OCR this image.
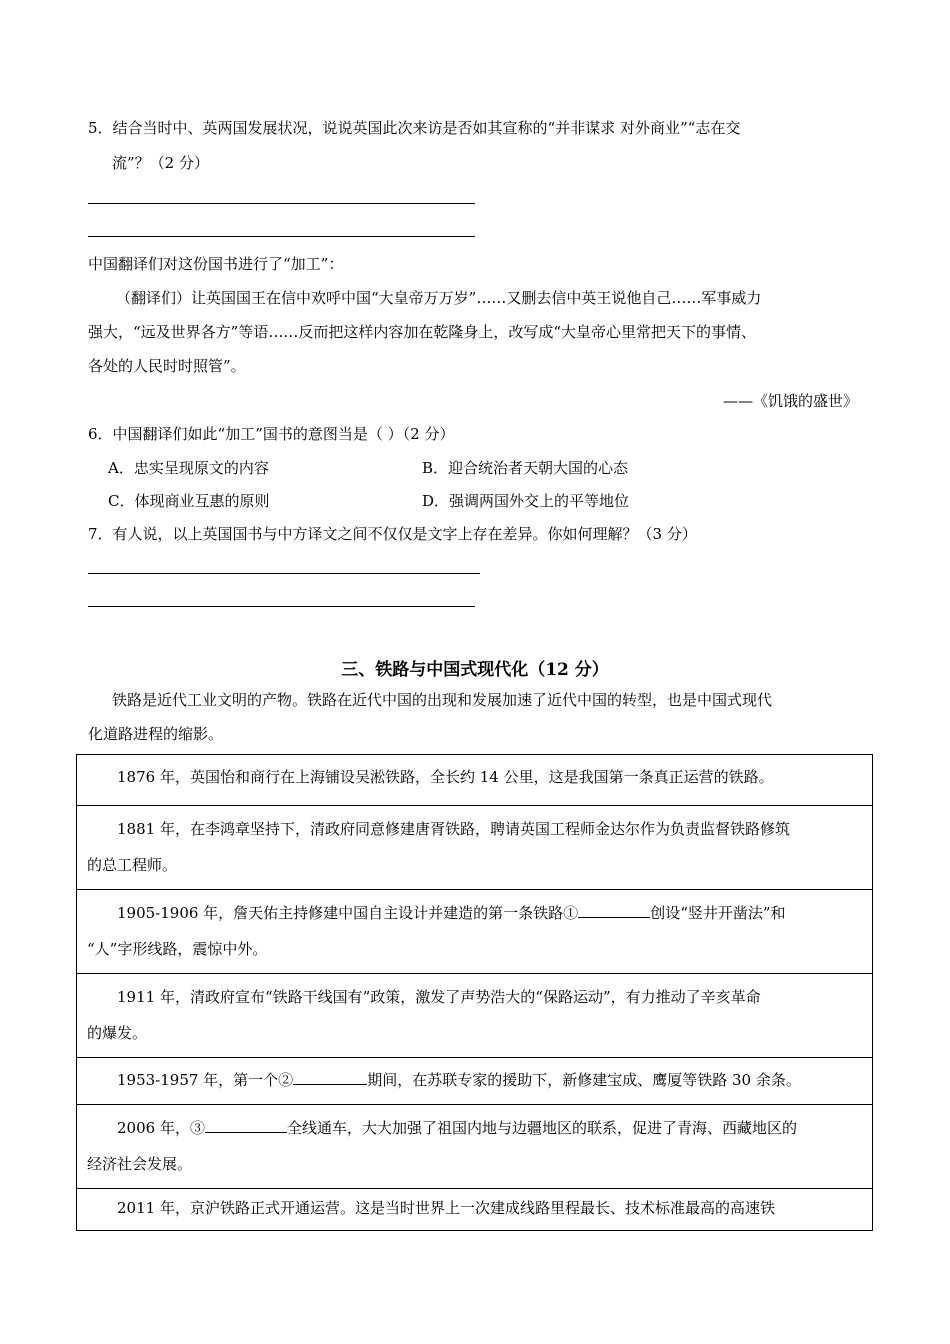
5．结合当时中、英两国发展状况，说说英国此次来访是否如其宣称的“并非谋求 对外商业”“志在交
流”？（2 分）
中国翻译们对这份国书进行了“加工”：
（翻译们）让英国国王在信中欢呼中国“大皇帝万万岁”……又删去信中英王说他自己……军事威力
强大，“远及世界各方”等语……反而把这样内容加在乾隆身上，改写成“大皇帝心里常把天下的事情、
各处的人民时时照管”。
——《饥饿的盛世》
6．中国翻译们如此“加工”国书的意图当是（ ）（2 分）
A．忠实呈现原文的内容	B．迎合统治者天朝大国的心态
C．体现商业互惠的原则	D．强调两国外交上的平等地位
7．有人说，以上英国国书与中方译文之间不仅仅是文字上存在差异。你如何理解？（3 分）
三、铁路与中国式现代化（12 分）
铁路是近代工业文明的产物。铁路在近代中国的出现和发展加速了近代中国的转型，也是中国式现代
化道路进程的缩影。
1876 年，英国怡和商行在上海铺设吴淞铁路，全长约 14 公里，这是我国第一条真正运营的铁路。

1881 年，在李鸿章坚持下，清政府同意修建唐胥铁路，聘请英国工程师金达尔作为负责监督铁路修筑
的总工程师。

1905-1906 年，詹天佑主持修建中国自主设计并建造的第一条铁路①	创设“竖井开凿法”和
“人”字形线路，震惊中外。

1911 年，清政府宣布“铁路干线国有”政策，激发了声势浩大的“保路运动”，有力推动了辛亥革命
的爆发。

1953-1957 年，第一个②	期间，在苏联专家的援助下，新修建宝成、鹰厦等铁路 30 余条。

2006 年，③	全线通车，大大加强了祖国内地与边疆地区的联系，促进了青海、西藏地区的
经济社会发展。

2011 年，京沪铁路正式开通运营。这是当时世界上一次建成线路里程最长、技术标准最高的高速铁
